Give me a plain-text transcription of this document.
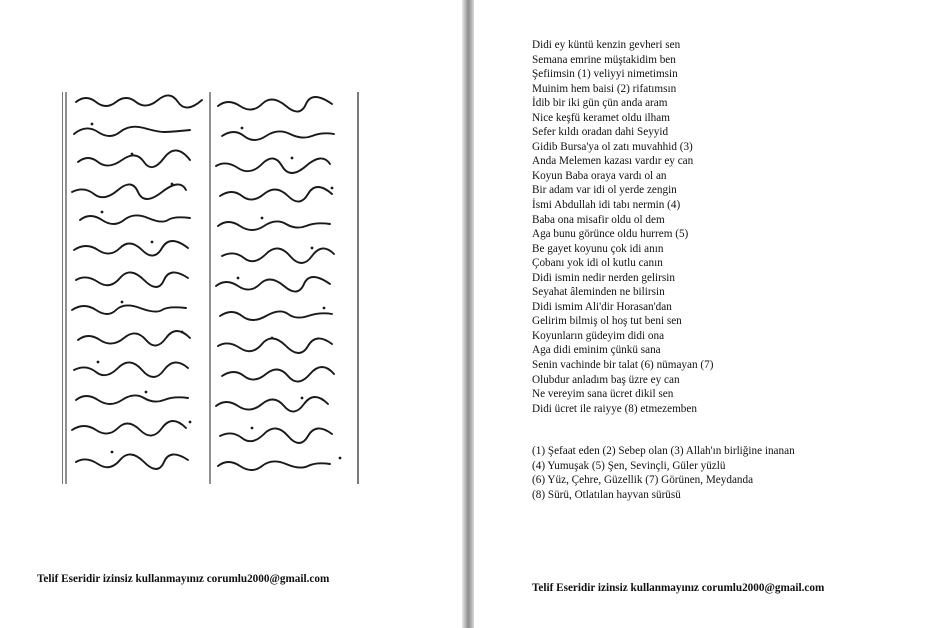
Didi ey küntü kenzin gevheri sen
Semana emrine müştakidim ben
Şefiimsin (1) veliyyi nimetimsin
Muinim hem baisi (2) rifatımsın
İdib bir iki gün çün anda aram
Nice keşfü keramet oldu ilham
Sefer kıldı oradan dahi Seyyid
Gidib Bursa'ya ol zatı muvahhid (3)
Anda Melemen kazası vardır ey can
Koyun Baba oraya vardı ol an
Bir adam var idi ol yerde zengin
İsmi Abdullah idi tabı nermin (4)
Baba ona misafir oldu ol dem
Aga bunu görünce oldu hurrem (5)
Be gayet koyunu çok idi anın
Çobanı yok idi ol kutlu canın
Didi ismin nedir nerden gelirsin
Seyahat âleminden ne bilirsin
Didi ismim Ali'dir Horasan'dan
Gelirim bilmiş ol hoş tut beni sen
Koyunların güdeyim didi ona
Aga didi eminim çünkü sana
Senin vachinde bir talat (6) nümayan (7)
Olubdur anladım baş üzre ey can
Ne vereyim sana ücret dikil sen
Didi ücret ile raiyye (8) etmezemben
(1) Şefaat eden (2) Sebep olan (3) Allah'ın birliğine inanan
(4) Yumuşak (5) Şen, Sevinçli, Güler yüzlü
(6) Yüz, Çehre, Güzellik (7) Görünen, Meydanda
(8) Sürü, Otlatılan hayvan sürüsü
Telif Eseridir izinsiz kullanmayınız corumlu2000@gmail.com
Telif Eseridir izinsiz kullanmayınız corumlu2000@gmail.com
